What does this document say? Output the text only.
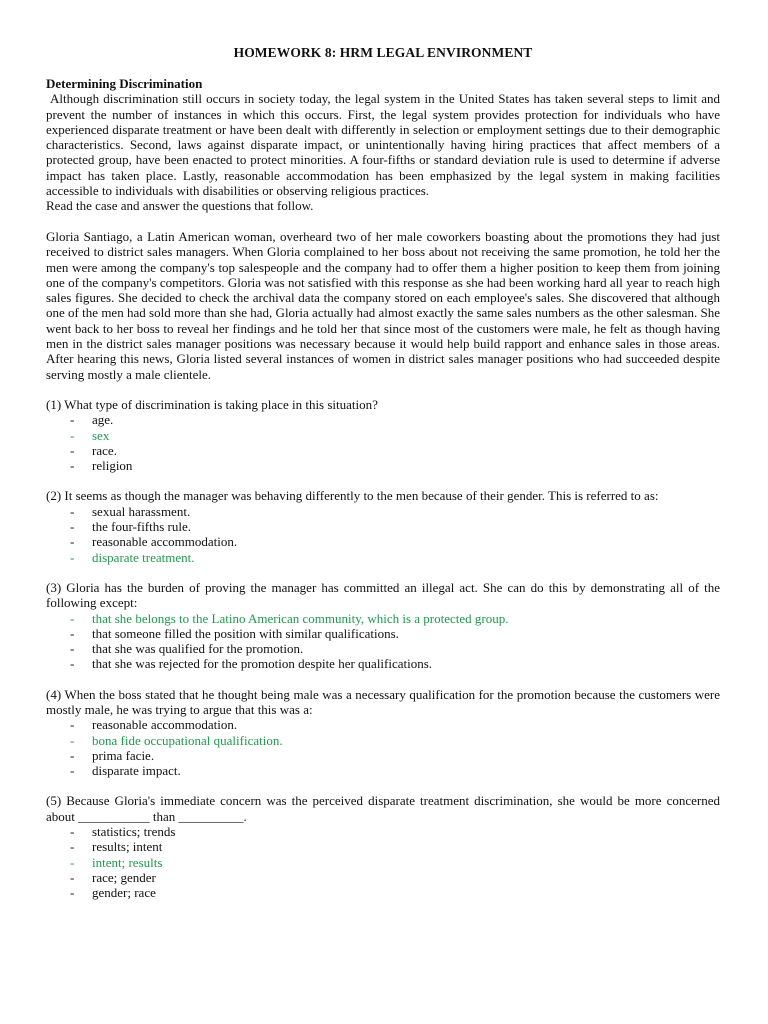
HOMEWORK 8: HRM LEGAL ENVIRONMENT
Determining Discrimination

Although discrimination still occurs in society today, the legal system in the United States has taken several steps to limit and prevent the number of instances in which this occurs. First, the legal system provides protection for individuals who have experienced disparate treatment or have been dealt with differently in selection or employment settings due to their demographic characteristics. Second, laws against disparate impact, or unintentionally having hiring practices that affect members of a protected group, have been enacted to protect minorities. A four-fifths or standard deviation rule is used to determine if adverse impact has taken place. Lastly, reasonable accommodation has been emphasized by the legal system in making facilities accessible to individuals with disabilities or observing religious practices.

Read the case and answer the questions that follow.

Gloria Santiago, a Latin American woman, overheard two of her male coworkers boasting about the promotions they had just received to district sales managers. When Gloria complained to her boss about not receiving the same promotion, he told her the men were among the company's top salespeople and the company had to offer them a higher position to keep them from joining one of the company's competitors. Gloria was not satisfied with this response as she had been working hard all year to reach high sales figures. She decided to check the archival data the company stored on each employee's sales. She discovered that although one of the men had sold more than she had, Gloria actually had almost exactly the same sales numbers as the other salesman. She went back to her boss to reveal her findings and he told her that since most of the customers were male, he felt as though having men in the district sales manager positions was necessary because it would help build rapport and enhance sales in those areas. After hearing this news, Gloria listed several instances of women in district sales manager positions who had succeeded despite serving mostly a male clientele.

(1) What type of discrimination is taking place in this situation?

- age.
- sex
- race.
- religion

(2) It seems as though the manager was behaving differently to the men because of their gender. This is referred to as:

- sexual harassment.
- the four-fifths rule.
- reasonable accommodation.
- disparate treatment.

(3) Gloria has the burden of proving the manager has committed an illegal act. She can do this by demonstrating all of the following except:

- that she belongs to the Latino American community, which is a protected group.
- that someone filled the position with similar qualifications.
- that she was qualified for the promotion.
- that she was rejected for the promotion despite her qualifications.

(4) When the boss stated that he thought being male was a necessary qualification for the promotion because the customers were mostly male, he was trying to argue that this was a:

- reasonable accommodation.
- bona fide occupational qualification.
- prima facie.
- disparate impact.

(5) Because Gloria's immediate concern was the perceived disparate treatment discrimination, she would be more concerned about ___________ than __________.

- statistics; trends
- results; intent
- intent; results
- race; gender
- gender; race
